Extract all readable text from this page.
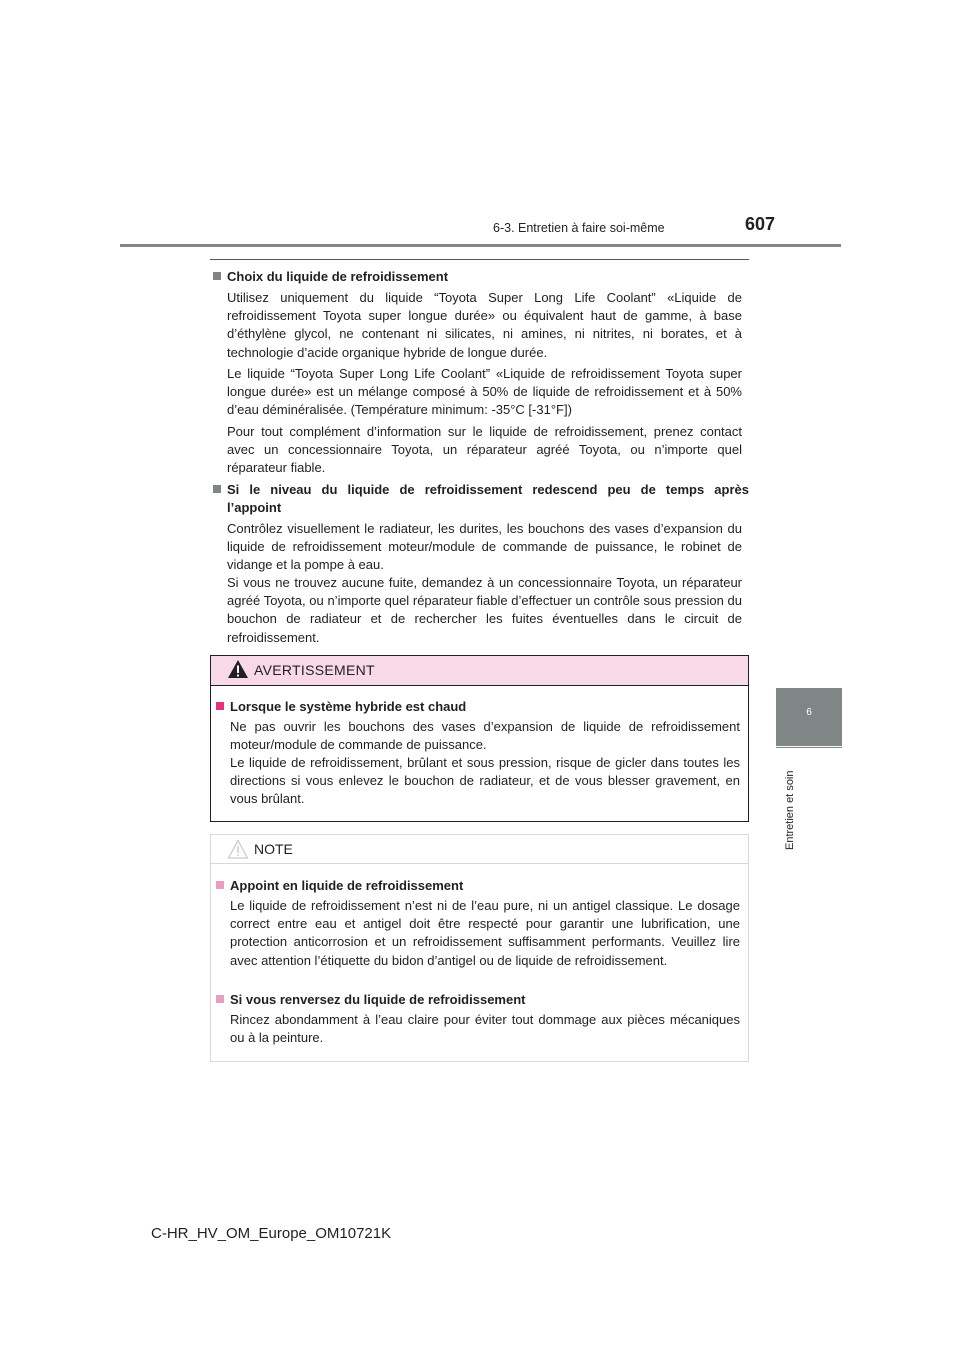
6-3. Entretien à faire soi-même	607
6
Entretien et soin
Choix du liquide de refroidissement
Utilisez uniquement du liquide “Toyota Super Long Life Coolant” «Liquide de refroidissement Toyota super longue durée» ou équivalent haut de gamme, à base d’éthylène glycol, ne contenant ni silicates, ni amines, ni nitrites, ni borates, et à technologie d’acide organique hybride de longue durée.
Le liquide “Toyota Super Long Life Coolant” «Liquide de refroidissement Toyota super longue durée» est un mélange composé à 50% de liquide de refroidissement et à 50% d’eau déminéralisée. (Température minimum: -35°C [-31°F])
Pour tout complément d’information sur le liquide de refroidissement, prenez contact avec un concessionnaire Toyota, un réparateur agréé Toyota, ou n’importe quel réparateur fiable.
Si le niveau du liquide de refroidissement redescend peu de temps après
l’appoint
Contrôlez visuellement le radiateur, les durites, les bouchons des vases d’expansion du liquide de refroidissement moteur/module de commande de puissance, le robinet de vidange et la pompe à eau.
Si vous ne trouvez aucune fuite, demandez à un concessionnaire Toyota, un réparateur agréé Toyota, ou n’importe quel réparateur fiable d’effectuer un contrôle sous pression du bouchon de radiateur et de rechercher les fuites éventuelles dans le circuit de refroidissement.
AVERTISSEMENT
Lorsque le système hybride est chaud
Ne pas ouvrir les bouchons des vases d’expansion de liquide de refroidissement moteur/module de commande de puissance.
Le liquide de refroidissement, brûlant et sous pression, risque de gicler dans toutes les directions si vous enlevez le bouchon de radiateur, et de vous blesser gravement, en vous brûlant.
NOTE
Appoint en liquide de refroidissement
Le liquide de refroidissement n’est ni de l’eau pure, ni un antigel classique. Le dosage correct entre eau et antigel doit être respecté pour garantir une lubrification, une protection anticorrosion et un refroidissement suffisamment performants. Veuillez lire avec attention l’étiquette du bidon d’antigel ou de liquide de refroidissement.
Si vous renversez du liquide de refroidissement
Rincez abondamment à l’eau claire pour éviter tout dommage aux pièces mécaniques ou à la peinture.
C-HR_HV_OM_Europe_OM10721K
